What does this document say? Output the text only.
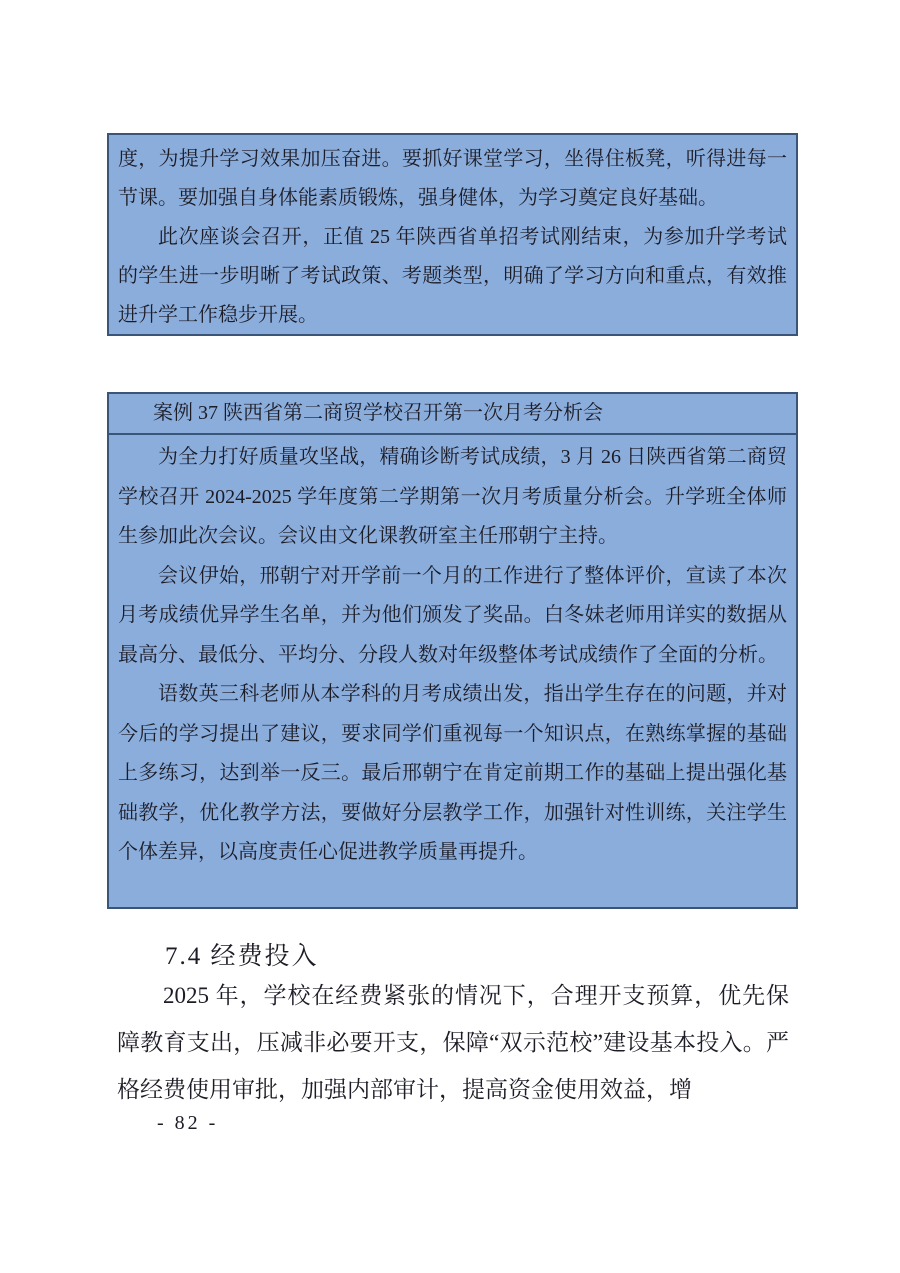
度，为提升学习效果加压奋进。要抓好课堂学习，坐得住板凳，听得进每一节课。要加强自身体能素质锻炼，强身健体，为学习奠定良好基础。

此次座谈会召开，正值 25 年陕西省单招考试刚结束，为参加升学考试的学生进一步明晰了考试政策、考题类型，明确了学习方向和重点，有效推进升学工作稳步开展。

案例 37 陕西省第二商贸学校召开第一次月考分析会

为全力打好质量攻坚战，精确诊断考试成绩，3 月 26 日陕西省第二商贸学校召开 2024-2025 学年度第二学期第一次月考质量分析会。升学班全体师生参加此次会议。会议由文化课教研室主任邢朝宁主持。

会议伊始，邢朝宁对开学前一个月的工作进行了整体评价，宣读了本次月考成绩优异学生名单，并为他们颁发了奖品。白冬妹老师用详实的数据从最高分、最低分、平均分、分段人数对年级整体考试成绩作了全面的分析。

语数英三科老师从本学科的月考成绩出发，指出学生存在的问题，并对今后的学习提出了建议，要求同学们重视每一个知识点，在熟练掌握的基础上多练习，达到举一反三。最后邢朝宁在肯定前期工作的基础上提出强化基础教学，优化教学方法，要做好分层教学工作，加强针对性训练，关注学生个体差异，以高度责任心促进教学质量再提升。

7.4 经费投入

2025 年，学校在经费紧张的情况下，合理开支预算，优先保障教育支出，压减非必要开支，保障“双示范校”建设基本投入。严格经费使用审批，加强内部审计，提高资金使用效益，增

- 82 -
